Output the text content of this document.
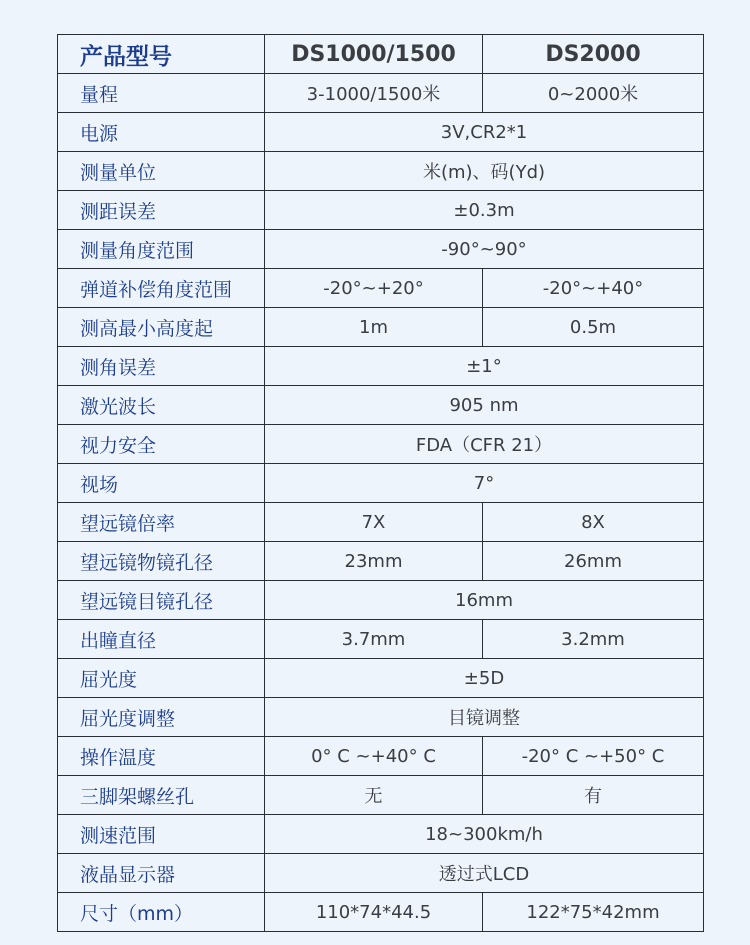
产品型号	DS1000/1500	DS2000
量程	3-1000/1500米	0~2000米
电源	3V,CR2*1	
测量单位	米(m)、码(Yd)	
测距误差	±0.3m	
测量角度范围	-90°~90°	
弹道补偿角度范围	-20°~+20°	-20°~+40°
测高最小高度起	1m	0.5m
测角误差	±1°	
激光波长	905 nm	
视力安全	FDA（CFR 21）	
视场	7°	
望远镜倍率	7X	8X
望远镜物镜孔径	23mm	26mm
望远镜目镜孔径	16mm	
出瞳直径	3.7mm	3.2mm
屈光度	±5D	
屈光度调整	目镜调整	
操作温度	0° C ~+40° C	-20° C ~+50° C
三脚架螺丝孔	无	有
测速范围	18~300km/h	
液晶显示器	透过式LCD	
尺寸（mm）	110*74*44.5	122*75*42mm
